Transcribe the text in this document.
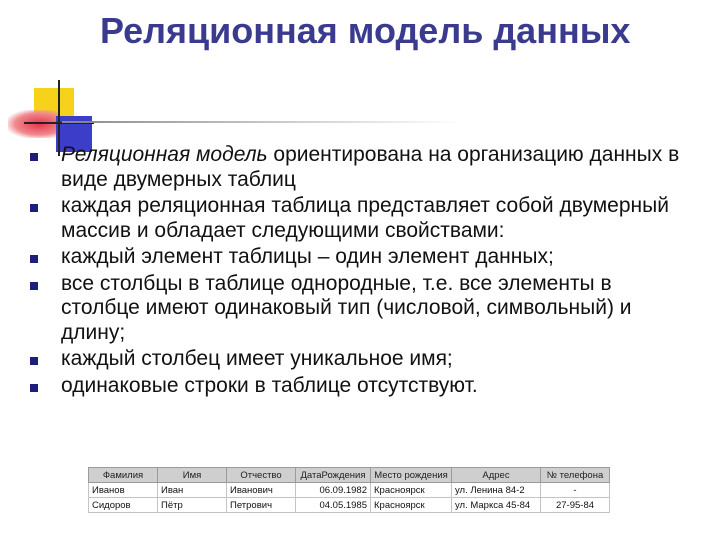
Реляционная модель данных
Реляционная модель ориентирована на организацию данных в виде двумерных таблиц
каждая реляционная таблица представляет собой двумерный массив и обладает следующими свойствами:
каждый элемент таблицы – один элемент данных;
все столбцы в таблице однородные, т.е. все элементы в столбце имеют одинаковый тип (числовой, символьный) и длину;
каждый столбец имеет уникальное имя;
одинаковые строки в таблице отсутствуют.
Фамилия	Имя	Отчество	ДатаРождения	Место рождения	Адрес	№ телефона
Иванов	Иван	Иванович	06.09.1982	Красноярск	ул. Ленина 84-2	-
Сидоров	Пётр	Петрович	04.05.1985	Красноярск	ул. Маркса 45-84	27-95-84
